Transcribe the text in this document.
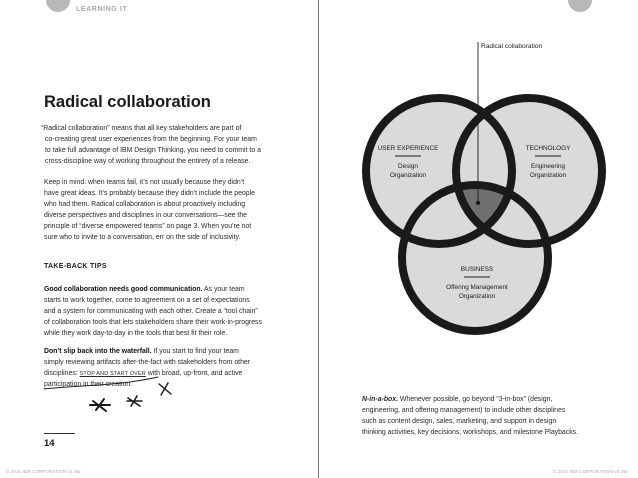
LEARNING IT
Radical collaboration

“Radical collaboration” means that all key stakeholders are part of

co-creating great user experiences from the beginning. For your team

to take full advantage of IBM Design Thinking, you need to commit to a

cross-discipline way of working throughout the entirety of a release.

Keep in mind: when teams fail, it’s not usually because they didn’t

have great ideas. It’s probably because they didn’t include the people

who had them. Radical collaboration is about proactively including

diverse perspectives and disciplines in our conversations—see the

principle of “diverse empowered teams” on page 3. When you’re not

sure who to invite to a conversation, err on the side of inclusivity.

TAKE-BACK TIPS

Good collaboration needs good communication. As your team

starts to work together, come to agreement on a set of expectations

and a system for communicating with each other. Create a “tool chain”

of collaboration tools that lets stakeholders share their work-in-progress

while they work day-to-day in the tools that best fit their role.

Don’t slip back into the waterfall. If you start to find your team

simply reviewing artifacts after-the-fact with stakeholders from other

disciplines: STOP AND START OVER with broad, up-front, and active

participation in their creation.

14
© 2016 IBM CORPORATION v3.4W	© 2016 IBM CORPORATION v3.4W
Radical collaboration
USER EXPERIENCE
Design
Organization
TECHNOLOGY
Engineering
Organization
BUSINESS
Offering Management
Organization

N-in-a-box. Whenever possible, go beyond “3-in-box” (design,

engineering, and offering management) to include other disciplines

such as content design, sales, marketing, and support in design

thinking activities, key decisions, workshops, and milestone Playbacks.
